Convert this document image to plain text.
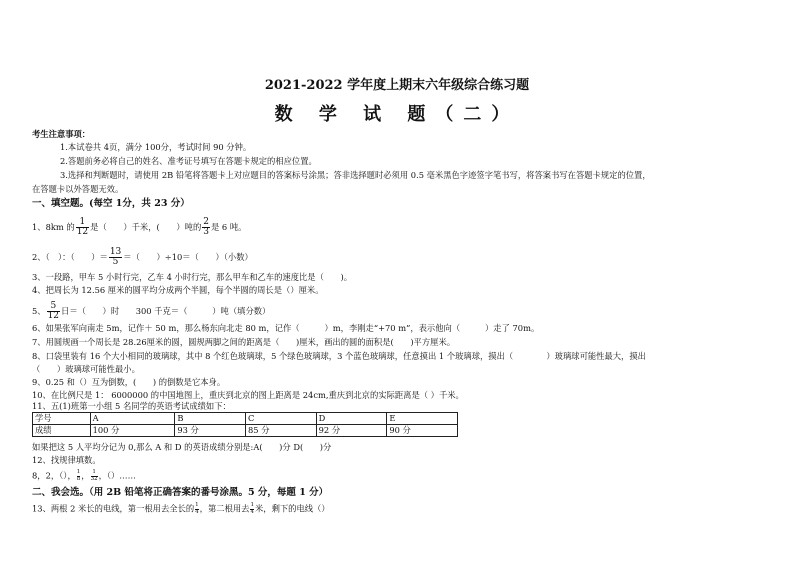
2021-2022 学年度上期末六年级综合练习题
数 学 试 题（二）
考生注意事项：
1.本试卷共 4页，满分 100分，考试时间 90 分钟。
2.答题前务必将自己的姓名、准考证号填写在答题卡规定的相应位置。
3.选择和判断题时，请使用 2B 铅笔将答题卡上对应题目的答案标号涂黑；答非选择题时必须用 0.5 毫米黑色字迹签字笔书写，将答案书写在答题卡规定的位置，
在答题卡以外答题无效。
一、填空题。(每空 1分，共 23 分）
1、8km 的 $\frac{1}{12}$ 是（　　）千米，(　　）吨的 $\frac{2}{3}$ 是 6 吨。
2、（　）：（　　）＝ $\frac{13}{5}$ ＝（　　）÷10＝（　　）（小数）
3、一段路，甲车 5 小时行完，乙车 4 小时行完，那么甲车和乙车的速度比是（　　)。
4、把周长为 12.56 厘米的圆平均分成两个半圆，每个半圆的周长是（）厘米。
5、 $\frac{5}{12}$ 日＝（　　）时　　300 千克＝（　　　）吨（填分数）
6、如果张军向南走 5m，记作＋ 50 m，那么杨东向北走 80 m，记作（　　　）m，李刚走“+70 m”，表示他向（　　　）走了 70m。
7、用圆规画一个周长是 28.26厘米的圆，圆规两脚之间的距离是（　　)厘米，画出的圆的面积是(　　)平方厘米。
8、口袋里装有 16 个大小相同的玻璃球，其中 8 个红色玻璃球，5 个绿色玻璃球，3 个蓝色玻璃球，任意摸出 1 个玻璃球，摸出（　　　　）玻璃球可能性最大，摸出
（　　）玻璃球可能性最小。
9、0.25 和（）互为倒数，(　　) 的倒数是它本身。
10、在比例尺是 1： 6000000 的中国地图上，重庆到北京的图上距离是 24cm,重庆到北京的实际距离是（ ）千米。
11、五(1)班第一小组 5 名同学的英语考试成绩如下：
学号	A	B	C	D	E
成绩	100 分	93 分	85 分	92 分	90 分
如果把这 5 人平均分记为 0,那么 A 和 D 的英语成绩分别是:A(　　)分 D(　　)分
12、找规律填数。
8，2，（）， $\frac{1}{8}$ ， $\frac{1}{32}$ ，（）……
二、我会选。（用 2B 铅笔将正确答案的番号涂黑。5 分，每题 1 分）
13、两根 2 米长的电线，第一根用去全长的 $\frac{1}{4}$ ，第二根用去 $\frac{1}{4}$ 米，剩下的电线（）
